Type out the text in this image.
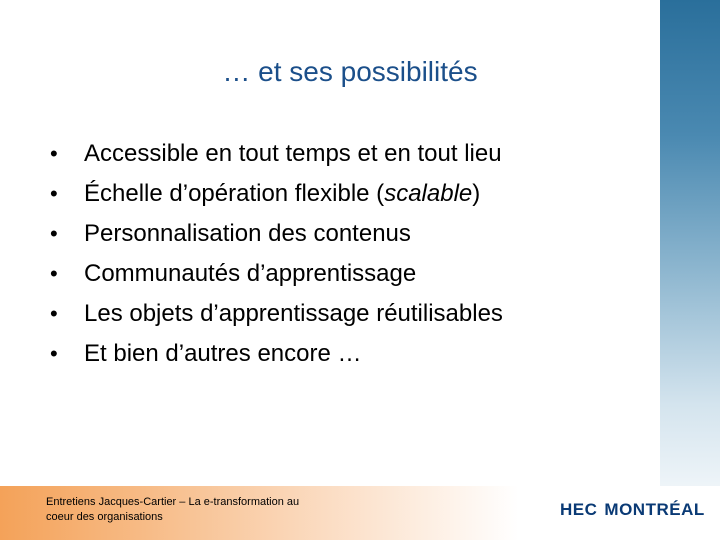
… et ses possibilités
• Accessible en tout temps et en tout lieu
• Échelle d’opération flexible (scalable)
• Personnalisation des contenus
• Communautés d’apprentissage
• Les objets d’apprentissage réutilisables
• Et bien d’autres encore …
Entretiens Jacques-Cartier – La e-transformation au
coeur des organisations	HEC MONTRÉAL
